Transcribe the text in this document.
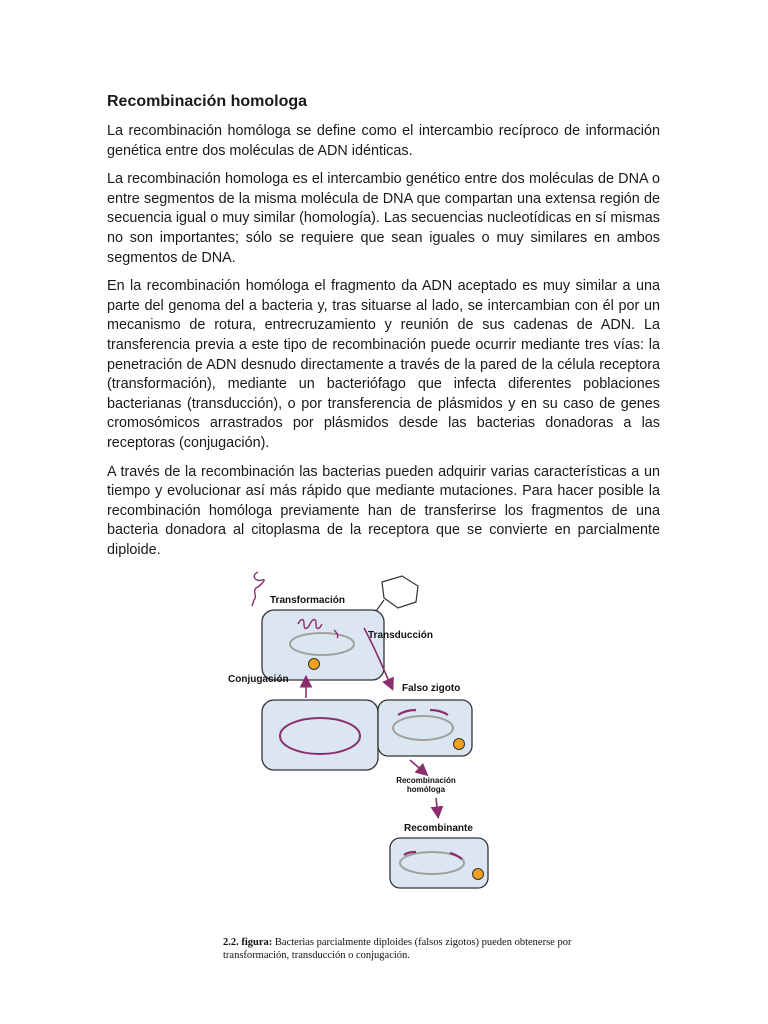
Recombinación homologa

La recombinación homóloga se define como el intercambio recíproco de información genética entre dos moléculas de ADN idénticas.

La recombinación homologa es el intercambio genético entre dos moléculas de DNA o entre segmentos de la misma molécula de DNA que compartan una extensa región de secuencia igual o muy similar (homología). Las secuencias nucleotídicas en sí mismas no son importantes; sólo se requiere que sean iguales o muy similares en ambos segmentos de DNA.

En la recombinación homóloga el fragmento da ADN aceptado es muy similar a una parte del genoma del a bacteria y, tras situarse al lado, se intercambian con él por un mecanismo de rotura, entrecruzamiento y reunión de sus cadenas de ADN. La transferencia previa a este tipo de recombinación puede ocurrir mediante tres vías: la penetración de ADN desnudo directamente a través de la pared de la célula receptora (transformación), mediante un bacteriófago que infecta diferentes poblaciones bacterianas (transducción), o por transferencia de plásmidos y en su caso de genes cromosómicos arrastrados por plásmidos desde las bacterias donadoras a las receptoras (conjugación).

A través de la recombinación las bacterias pueden adquirir varias características a un tiempo y evolucionar así más rápido que mediante mutaciones. Para hacer posible la recombinación homóloga previamente han de transferirse los fragmentos de una bacteria donadora al citoplasma de la receptora que se convierte en parcialmente diploide.

Transformación
Transducción
Conjugación
Falso zigoto
Recombinación
homóloga
Recombinante
2.2. figura: Bacterias parcialmente diploides (falsos zigotos) pueden obtenerse por transformación, transducción o conjugación.
